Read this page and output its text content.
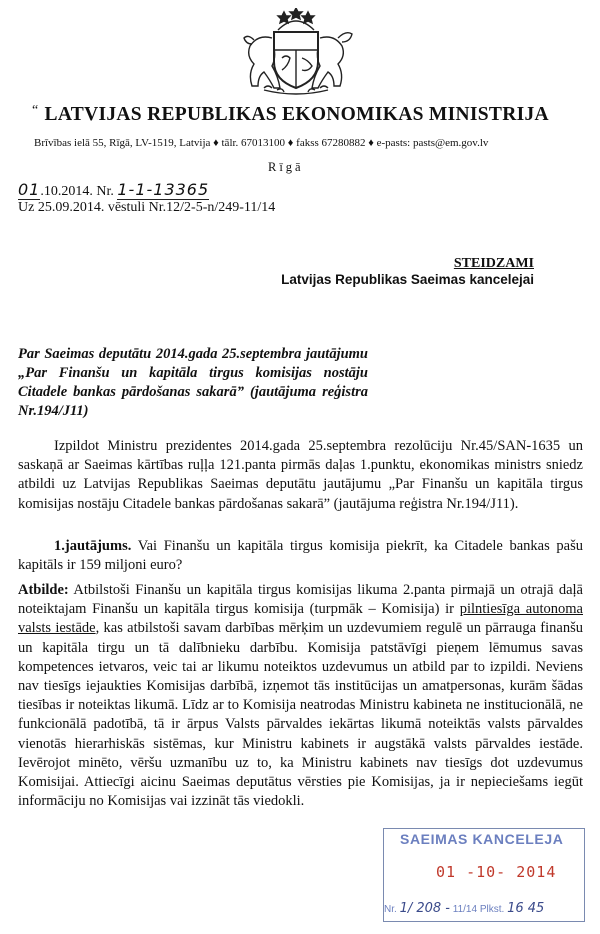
“ LATVIJAS REPUBLIKAS EKONOMIKAS MINISTRIJA
Brīvības ielā 55, Rīgā, LV-1519, Latvija ♦ tālr. 67013100 ♦ fakss 67280882 ♦ e-pasts: pasts@em.gov.lv
Rīgā
01.10.2014. Nr. 1-1-13365
Uz 25.09.2014. vēstuli Nr.12/2-5-n/249-11/14
STEIDZAMI
Latvijas Republikas Saeimas kancelejai
Par Saeimas deputātu 2014.gada 25.septembra jautājumu „Par Finanšu un kapitāla tirgus komisijas nostāju Citadele bankas pārdošanas sakarā” (jautājuma reģistra Nr.194/J11)
Izpildot Ministru prezidentes 2014.gada 25.septembra rezolūciju Nr.45/SAN-1635 un saskaņā ar Saeimas kārtības ruļļa 121.panta pirmās daļas 1.punktu, ekonomikas ministrs sniedz atbildi uz Latvijas Republikas Saeimas deputātu jautājumu „Par Finanšu un kapitāla tirgus komisijas nostāju Citadele bankas pārdošanas sakarā” (jautājuma reģistra Nr.194/J11).
1.jautājums. Vai Finanšu un kapitāla tirgus komisija piekrīt, ka Citadele bankas pašu kapitāls ir 159 miljoni euro?
Atbilde: Atbilstoši Finanšu un kapitāla tirgus komisijas likuma 2.panta pirmajā un otrajā daļā noteiktajam Finanšu un kapitāla tirgus komisija (turpmāk – Komisija) ir pilntiesīga autonoma valsts iestāde, kas atbilstoši savam darbības mērķim un uzdevumiem regulē un pārrauga finanšu un kapitāla tirgu un tā dalībnieku darbību. Komisija patstāvīgi pieņem lēmumus savas kompetences ietvaros, veic tai ar likumu noteiktos uzdevumus un atbild par to izpildi. Neviens nav tiesīgs iejaukties Komisijas darbībā, izņemot tās institūcijas un amatpersonas, kurām šādas tiesības ir noteiktas likumā. Līdz ar to Komisija neatrodas Ministru kabineta ne institucionālā, ne funkcionālā padotībā, tā ir ārpus Valsts pārvaldes iekārtas likumā noteiktās valsts pārvaldes vienotās hierarhiskās sistēmas, kur Ministru kabinets ir augstākā valsts pārvaldes iestāde. Ievērojot minēto, vēršu uzmanību uz to, ka Ministru kabinets nav tiesīgs dot uzdevumus Komisijai. Attiecīgi aicinu Saeimas deputātus vērsties pie Komisijas, ja ir nepieciešams iegūt informāciju no Komisijas vai izzināt tās viedokli.
SAEIMAS KANCELEJA
01 -10- 2014
Nr. 1/ 208 - 11/14 Plkst. 16 45
